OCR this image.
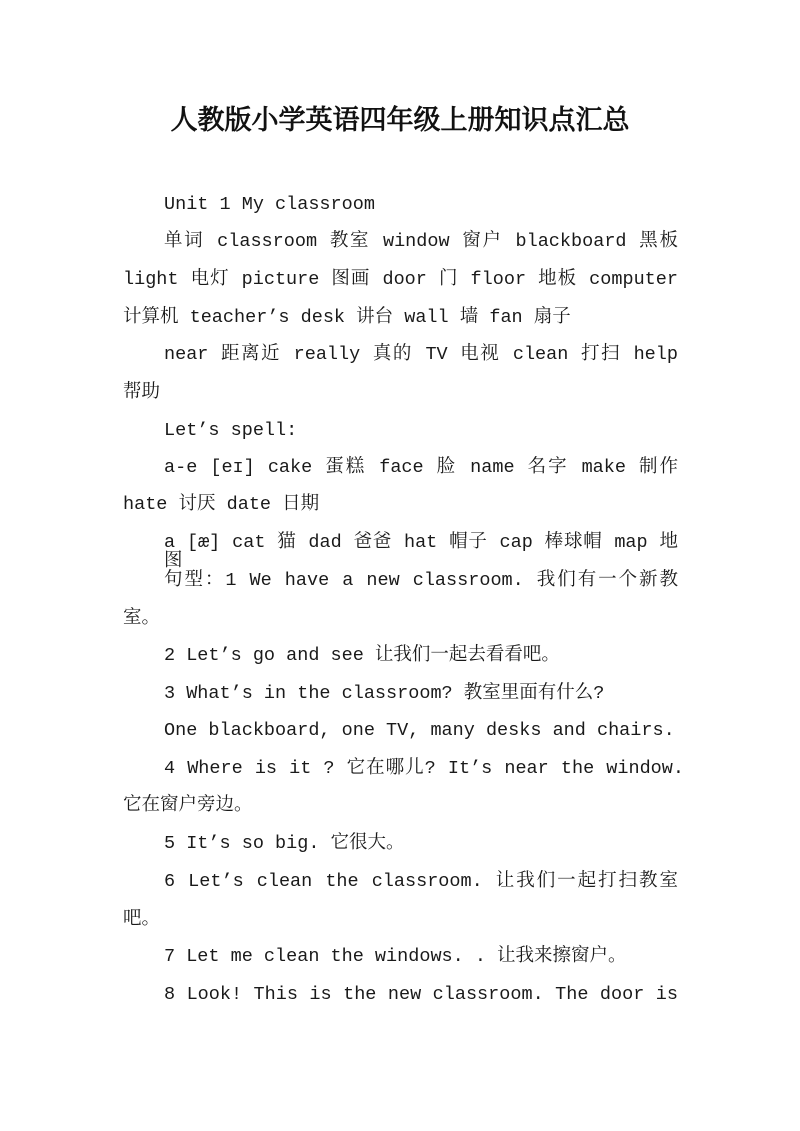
人教版小学英语四年级上册知识点汇总
Unit 1 My classroom
单词 classroom 教室 window 窗户 blackboard 黑板
light 电灯 picture 图画 door 门 floor 地板 computer
计算机 teacher’s desk 讲台 wall 墙 fan 扇子
near 距离近 really 真的 TV 电视 clean 打扫 help
帮助
Let’s spell:
a-e [eɪ] cake 蛋糕 face 脸 name 名字 make 制作
hate 讨厌 date 日期
a [æ] cat 猫 dad 爸爸 hat 帽子 cap 棒球帽 map 地图
句型：1 We have a new classroom. 我们有一个新教
室。
2 Let’s go and see 让我们一起去看看吧。
3 What’s in the classroom? 教室里面有什么?
One blackboard, one TV, many desks and chairs.
4 Where is it ? 它在哪儿? It’s near the window.
它在窗户旁边。
5 It’s so big. 它很大。
6 Let’s clean the classroom. 让我们一起打扫教室
吧。
7 Let me clean the windows. . 让我来擦窗户。
8 Look! This is the new classroom. The door is
